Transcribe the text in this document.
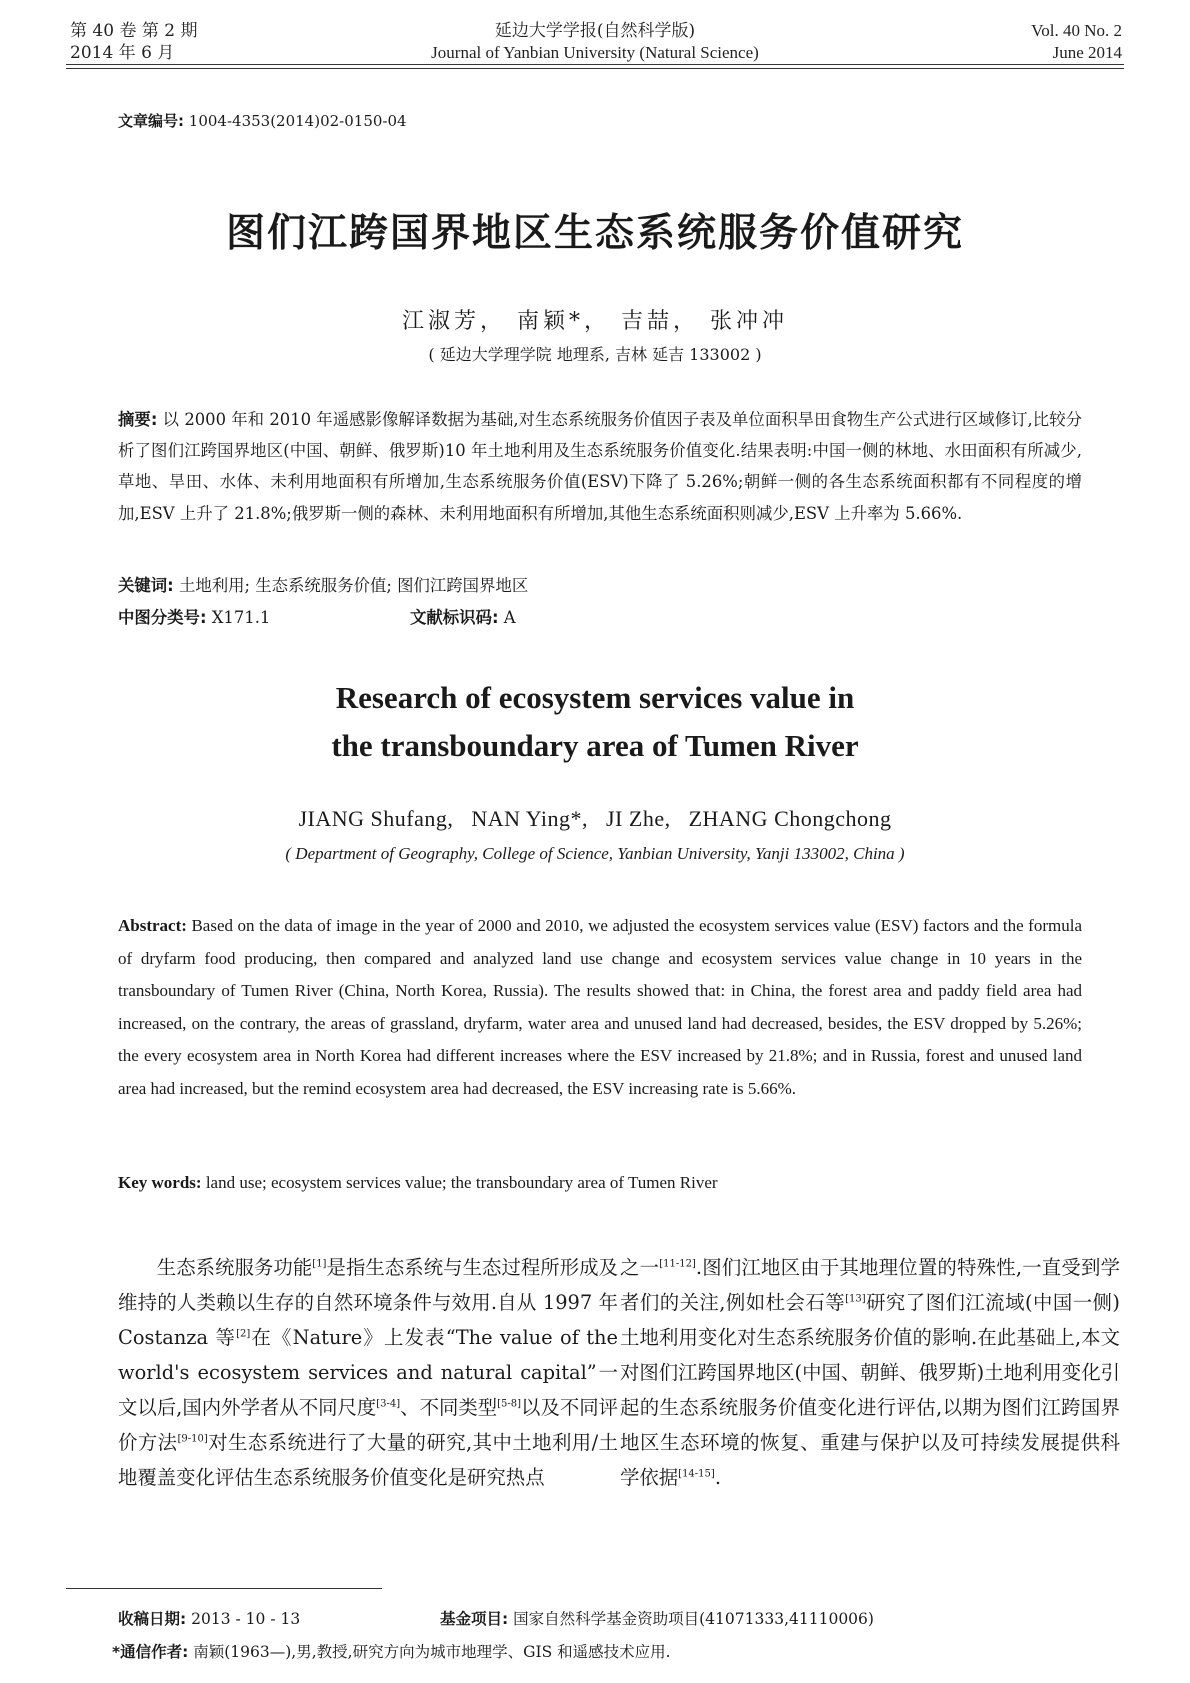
第 40 卷 第 2 期
2014 年 6 月
延边大学学报(自然科学版)
Journal of Yanbian University (Natural Science)
Vol. 40 No. 2
June 2014
文章编号: 1004-4353(2014)02-0150-04
图们江跨国界地区生态系统服务价值研究
江淑芳， 南颖*， 吉喆， 张冲冲
( 延边大学理学院 地理系, 吉林 延吉 133002 )
摘要: 以 2000 年和 2010 年遥感影像解译数据为基础,对生态系统服务价值因子表及单位面积旱田食物生产公式进行区域修订,比较分析了图们江跨国界地区(中国、朝鲜、俄罗斯)10 年土地利用及生态系统服务价值变化.结果表明:中国一侧的林地、水田面积有所减少,草地、旱田、水体、未利用地面积有所增加,生态系统服务价值(ESV)下降了 5.26%;朝鲜一侧的各生态系统面积都有不同程度的增加,ESV 上升了 21.8%;俄罗斯一侧的森林、未利用地面积有所增加,其他生态系统面积则减少,ESV 上升率为 5.66%.
关键词: 土地利用; 生态系统服务价值; 图们江跨国界地区
中图分类号: X171.1	文献标识码: A
Research of ecosystem services value in
the transboundary area of Tumen River
JIANG Shufang,   NAN Ying*,   JI Zhe,   ZHANG Chongchong
( Department of Geography, College of Science, Yanbian University, Yanji 133002, China )
Abstract: Based on the data of image in the year of 2000 and 2010, we adjusted the ecosystem services value (ESV) factors and the formula of dryfarm food producing, then compared and analyzed land use change and ecosystem services value change in 10 years in the transboundary of Tumen River (China, North Korea, Russia). The results showed that: in China, the forest area and paddy field area had increased, on the contrary, the areas of grassland, dryfarm, water area and unused land had decreased, besides, the ESV dropped by 5.26%; the every ecosystem area in North Korea had different increases where the ESV increased by 21.8%; and in Russia, forest and unused land area had increased, but the remind ecosystem area had decreased, the ESV increasing rate is 5.66%.
Key words: land use; ecosystem services value; the transboundary area of Tumen River
生态系统服务功能[1]是指生态系统与生态过程所形成及维持的人类赖以生存的自然环境条件与效用.自从 1997 年 Costanza 等[2]在《Nature》上发表“The value of the world's ecosystem services and natural capital”一文以后,国内外学者从不同尺度[3-4]、不同类型[5-8]以及不同评价方法[9-10]对生态系统进行了大量的研究,其中土地利用/土地覆盖变化评估生态系统服务价值变化是研究热点
之一[11-12].图们江地区由于其地理位置的特殊性,一直受到学者们的关注,例如杜会石等[13]研究了图们江流域(中国一侧)土地利用变化对生态系统服务价值的影响.在此基础上,本文对图们江跨国界地区(中国、朝鲜、俄罗斯)土地利用变化引起的生态系统服务价值变化进行评估,以期为图们江跨国界地区生态环境的恢复、重建与保护以及可持续发展提供科学依据[14-15].
收稿日期: 2013 - 10 - 13	基金项目: 国家自然科学基金资助项目(41071333,41110006)
*通信作者: 南颖(1963—),男,教授,研究方向为城市地理学、GIS 和遥感技术应用.
